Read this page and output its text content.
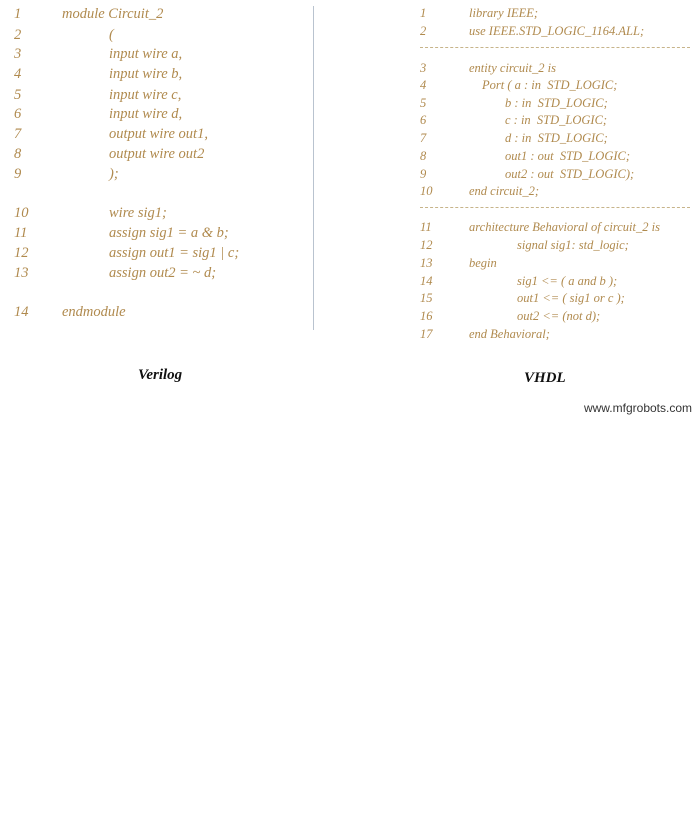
1

	module Circuit_2

2

	(

3

	input wire a,

4

	input wire b,

5

	input wire c,

6

	input wire d,

7

	output wire out1,

8

	output wire out2

9

	);

10

	wire sig1;

11

	assign sig1 = a & b;

12

	assign out1 = sig1 | c;

13

	assign out2 = ~ d;

14

endmodule

1

	library IEEE;

2

	use IEEE.STD_LOGIC_1164.ALL;

3

	entity circuit_2 is

4

	Port ( a : in  STD_LOGIC;

5

	b : in  STD_LOGIC;

6

	c : in  STD_LOGIC;

7

	d : in  STD_LOGIC;

8

	out1 : out  STD_LOGIC;

9

	out2 : out  STD_LOGIC);

10

	end circuit_2;

11

	architecture Behavioral of circuit_2 is

12

	signal sig1: std_logic;

13

	begin

14

	sig1 <= ( a and b );

15

	out1 <= ( sig1 or c );

16

	out2 <= (not d);

17

	end Behavioral;

Verilog	VHDL
www.mfgrobots.com
